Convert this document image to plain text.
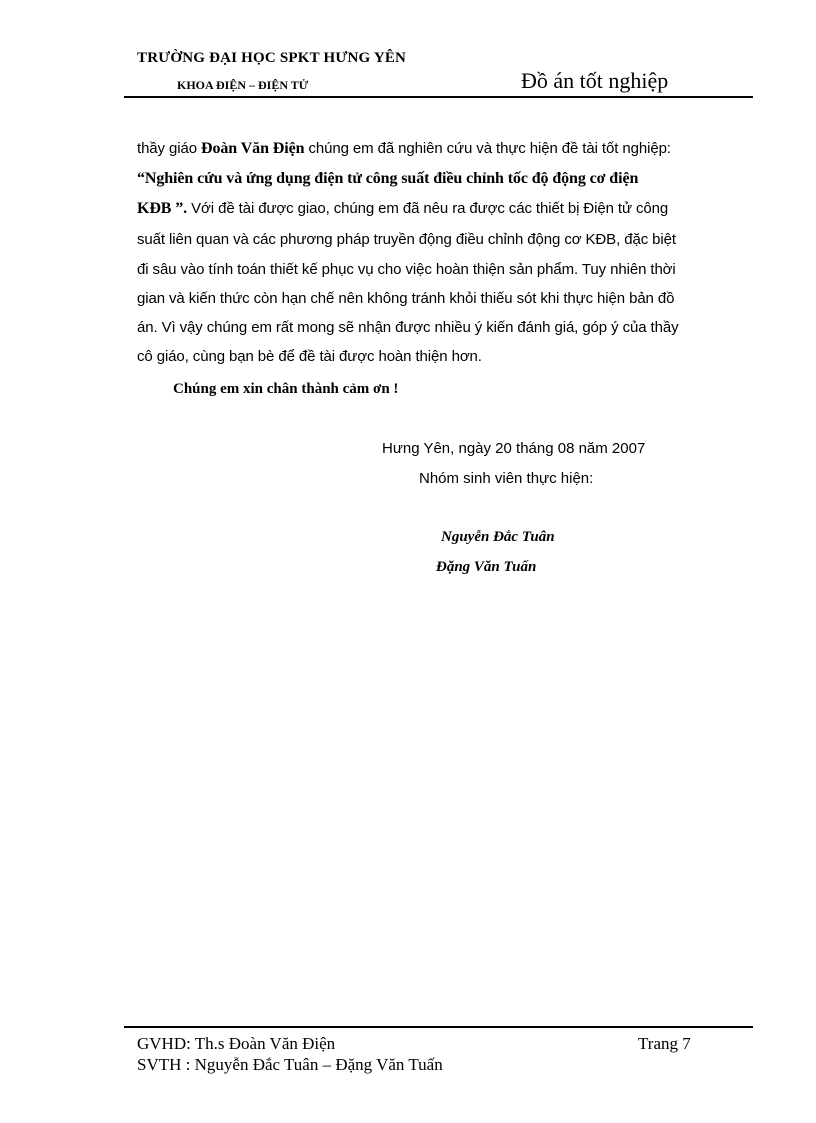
TRƯỜNG ĐẠI HỌC SPKT HƯNG YÊN
KHOA ĐIỆN – ĐIỆN TỬ	Đồ án tốt nghiệp
thầy giáo Đoàn Văn Điện chúng em đã nghiên cứu và thực hiện đề tài tốt nghiệp:
“Nghiên cứu và ứng dụng điện tử công suất điều chỉnh tốc độ động cơ điện
KĐB ”. Với đề tài được giao, chúng em đã nêu ra được các thiết bị Điện tử công
suất liên quan và các phương pháp truyền động điều chỉnh động cơ KĐB, đặc biệt
đi sâu vào tính toán thiết kế phục vụ cho việc hoàn thiện sản phẩm. Tuy nhiên thời
gian và kiến thức còn hạn chế nên không tránh khỏi thiếu sót khi thực hiện bản đồ
án. Vì vậy chúng em rất mong sẽ nhận được nhiều ý kiến đánh giá, góp ý của thầy
cô giáo, cùng bạn bè để đề tài được hoàn thiện hơn.
Chúng em xin chân thành cảm ơn !
Hưng Yên, ngày 20 tháng 08 năm 2007
Nhóm sinh viên thực hiện:
Nguyễn Đắc Tuân
Đặng Văn Tuấn
GVHD: Th.s Đoàn Văn Điện	Trang 7
SVTH : Nguyễn Đắc Tuân – Đặng Văn Tuấn
